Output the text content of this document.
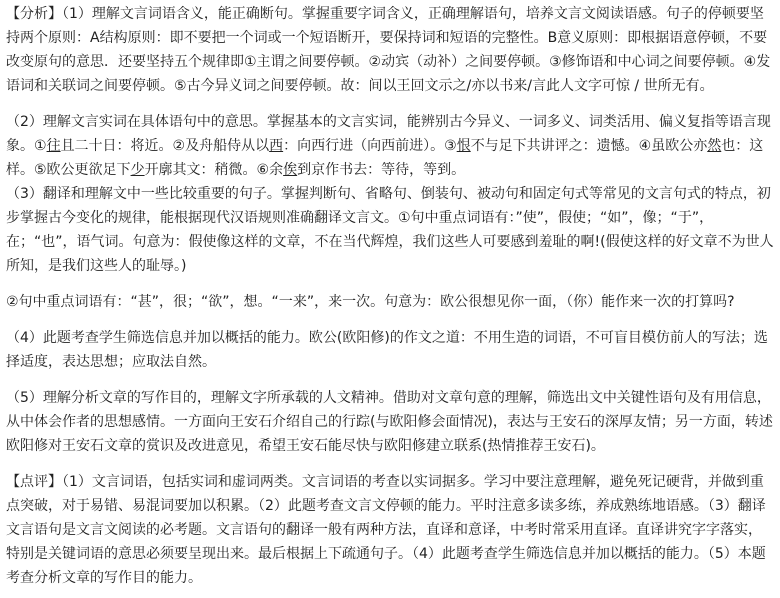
【分析】（1）理解文言词语含义，能正确断句。掌握重要字词含义，正确理解语句，培养文言文阅读语感。句子的停顿要坚持两个原则：A结构原则：即不要把一个词或一个短语断开，要保持词和短语的完整性。B意义原则：即根据语意停顿，不要改变原句的意思．还要坚持五个规律即①主谓之间要停顿。②动宾（动补）之间要停顿。③修饰语和中心词之间要停顿。④发语词和关联词之间要停顿。⑤古今异义词之间要停顿。故：间以王回文示之/亦以书来/言此人文字可惊 / 世所无有。

（2）理解文言实词在具体语句中的意思。掌握基本的文言实词，能辨别古今异义、一词多义、词类活用、偏义复指等语言现象。①往且二十日：将近。②及舟船侍从以西：向西行进（向西前进）。③恨不与足下共讲评之：遗憾。④虽欧公亦然也：这样。⑤欧公更欲足下少开廓其文：稍微。⑥余俟到京作书去：等待，等到。

（3）翻译和理解文中一些比较重要的句子。掌握判断句、省略句、倒装句、被动句和固定句式等常见的文言句式的特点，初步掌握古今变化的规律，能根据现代汉语规则准确翻译文言文。①句中重点词语有：”使”，假使；“如”，像；“于”，在；“也”，语气词。句意为：假使像这样的文章，不在当代辉煌，我们这些人可要感到羞耻的啊!(假使这样的好文章不为世人所知，是我们这些人的耻辱。)

②句中重点词语有：“甚”，很；“欲”，想。“一来”，来一次。句意为：欧公很想见你一面，（你）能作来一次的打算吗?

（4）此题考查学生筛选信息并加以概括的能力。欧公(欧阳修)的作文之道：不用生造的词语，不可盲目模仿前人的写法；选择适度，表达思想；应取法自然。

（5）理解分析文章的写作目的，理解文字所承载的人文精神。借助对文章句意的理解，筛选出文中关键性语句及有用信息，从中体会作者的思想感情。一方面向王安石介绍自己的行踪(与欧阳修会面情况)，表达与王安石的深厚友情；另一方面，转述欧阳修对王安石文章的赏识及改进意见，希望王安石能尽快与欧阳修建立联系(热情推荐王安石)。

【点评】（1）文言词语，包括实词和虚词两类。文言词语的考查以实词据多。学习中要注意理解，避免死记硬背，并做到重点突破，对于易错、易混词要加以积累。（2）此题考查文言文停顿的能力。平时注意多读多练，养成熟练地语感。（3）翻译文言语句是文言文阅读的必考题。文言语句的翻译一般有两种方法，直译和意译，中考时常采用直译。直译讲究字字落实，特别是关键词语的意思必须要呈现出来。最后根据上下疏通句子。（4）此题考查学生筛选信息并加以概括的能力。（5）本题考查分析文章的写作目的能力。
